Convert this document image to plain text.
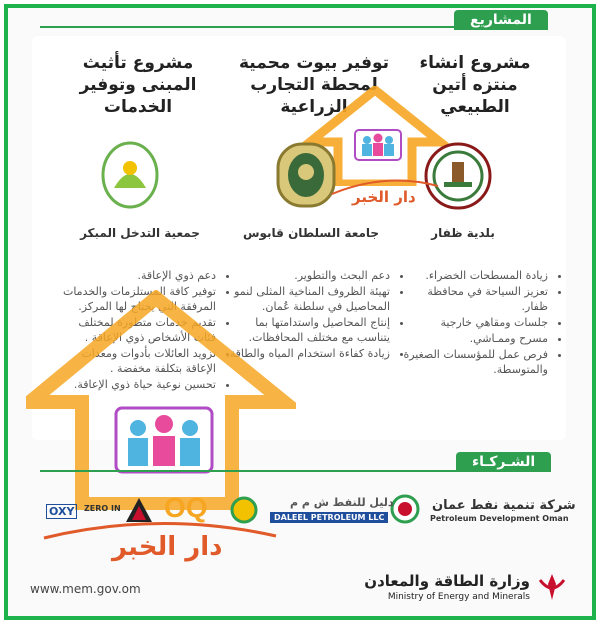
المشاريع
مشروع انشاء منتزه أتين الطبيعي
توفير بيوت محمية لمحطة التجارب الزراعية
مشروع تأثيث المبنى وتوفير الخدمات
دار الخبر
بلدية ظفار
جامعة السلطان قابوس
جمعية التدخل المبكر
• زيادة المسطحات الخضراء.
• تعزيز السياحة في محافظة ظفار.
• جلسات ومقاهي خارجية
• مسرح وممـاشي.
• فرص عمل للمؤسسات الصغيرة والمتوسطة.
• دعم البحث والتطوير.
• تهيئة الظروف المناخية المثلى لنمو المحاصيل في سلطنة عُمان.
• إنتاج المحاصيل واستدامتها بما يتناسب مع مختلف المحافظات.
• زيادة كفاءة استخدام المياه والطاقة.
• دعم ذوي الإعاقة.
• توفير كافة المستلزمات والخدمات المرفقة التي يحتاج لها المركز.
• تقديم خدمات متطورة لمختلف فئات الأشخاص ذوي الإعاقة .
• تزويد العائلات بأدوات ومعدات الإعاقة بتكلفة مخفضة .
• تحسين نوعية حياة ذوي الإعاقة.
الشـركـاء
شركة تنمية نفط عمان
Petroleum Development Oman
دليل للنفط ش م م
DALEEL PETROLEUM LLC
OQ
ZERO IN
OXY
دار الخبر
www.mem.gov.om	وزارة الطاقة والمعادن
Ministry of Energy and Minerals
